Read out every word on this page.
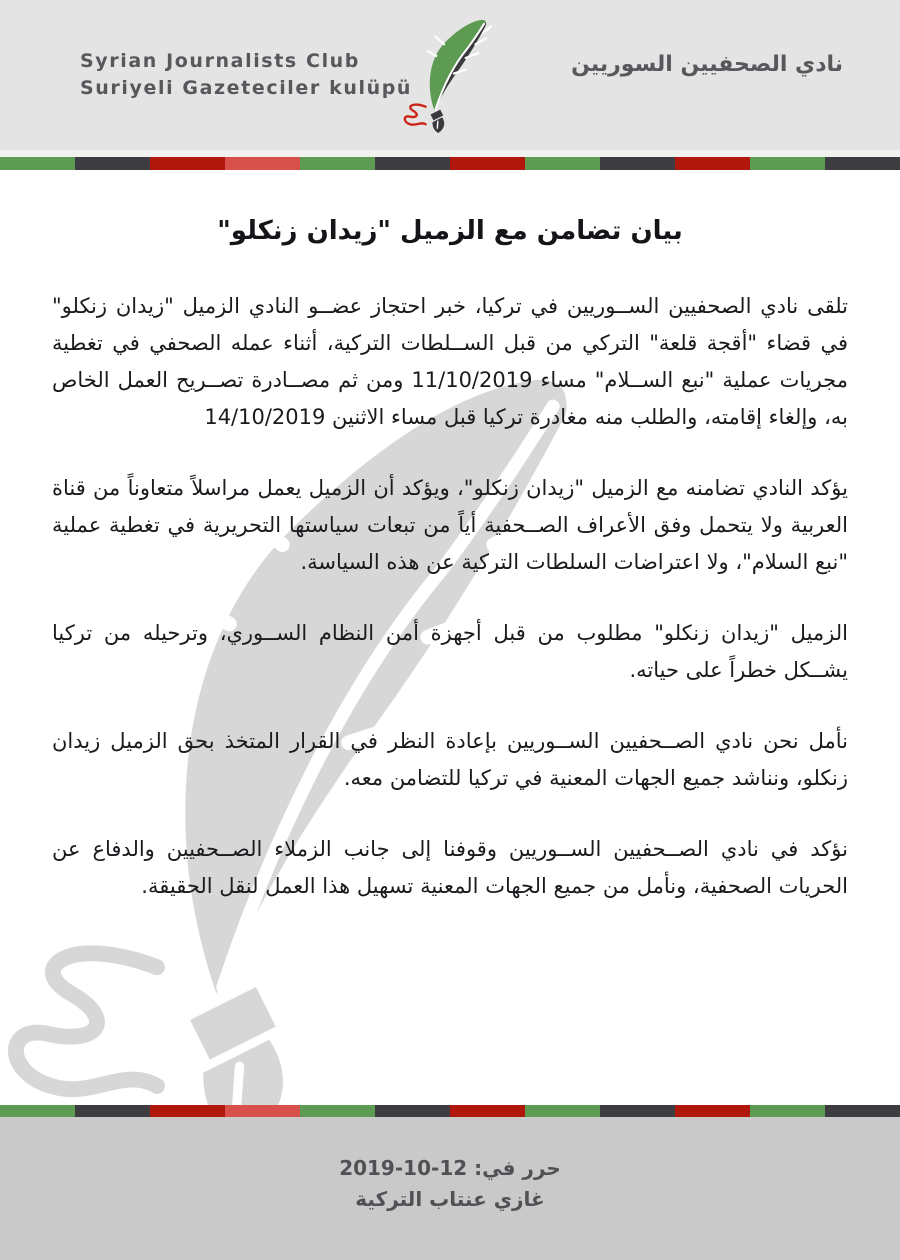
Syrian Journalists Club
Suriyeli Gazeteciler kulüpü
نادي الصحفيين السوريين
بيان تضامن مع الزميل "زيدان زنكلو"

تلقى نادي الصحفيين الســوريين في تركيا، خبر احتجاز عضــو النادي الزميل "زيدان زنكلو" في قضاء "أقجة قلعة" التركي من قبل الســلطات التركية، أثناء عمله الصحفي في تغطية مجريات عملية "نبع الســلام" مساء 11/10/2019 ومن ثم مصــادرة تصــريح العمل الخاص به، وإلغاء إقامته، والطلب منه مغادرة تركيا قبل مساء الاثنين 14/10/2019

يؤكد النادي تضامنه مع الزميل "زيدان زنكلو"، ويؤكد أن الزميل يعمل مراسلاً متعاوناً من قناة العربية ولا يتحمل وفق الأعراف الصــحفية أياً من تبعات سياستها التحريرية في تغطية عملية "نبع السلام"، ولا اعتراضات السلطات التركية عن هذه السياسة.

الزميل "زيدان زنكلو" مطلوب من قبل أجهزة أمن النظام الســوري، وترحيله من تركيا يشــكل خطراً على حياته.

نأمل نحن نادي الصــحفيين الســوريين بإعادة النظر في القرار المتخذ بحق الزميل زيدان زنكلو، ونناشد جميع الجهات المعنية في تركيا للتضامن معه.

نؤكد في نادي الصــحفيين الســوريين وقوفنا إلى جانب الزملاء الصــحفيين والدفاع عن الحريات الصحفية، ونأمل من جميع الجهات المعنية تسهيل هذا العمل لنقل الحقيقة.

حرر في: 12-10-2019
غازي عنتاب التركية
